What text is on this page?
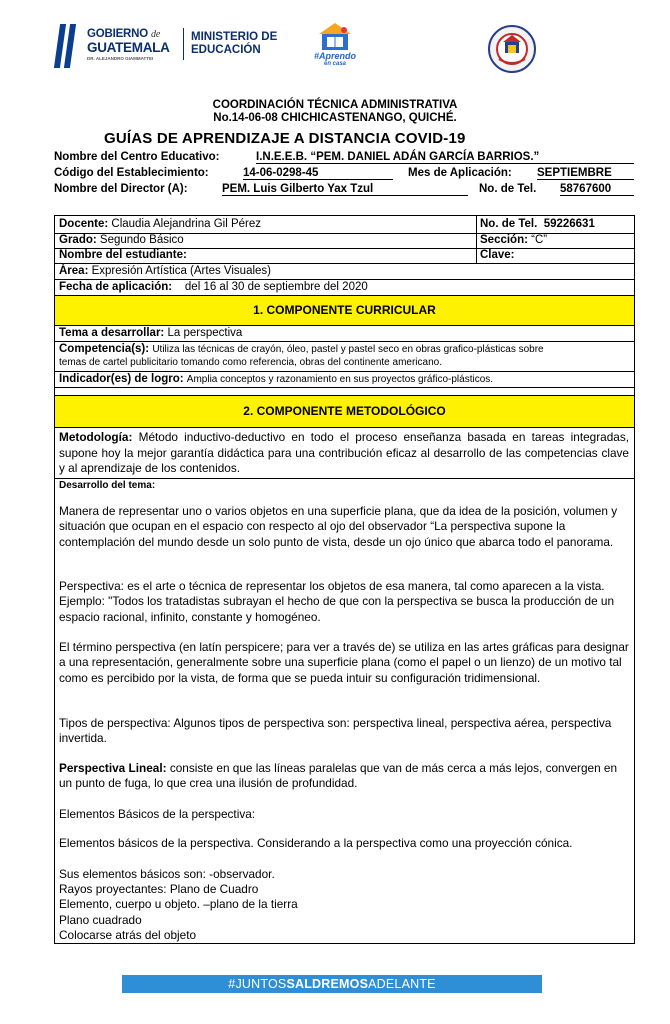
GOBIERNO de
GUATEMALA
DR. ALEJANDRO GIAMMATTEI
MINISTERIO DE
EDUCACIÓN	#Aprendo
en casa
COORDINACIÓN TÉCNICA ADMINISTRATIVA
No.14-06-08 CHICHICASTENANGO, QUICHÉ.
GUÍAS DE APRENDIZAJE A DISTANCIA COVID-19
Nombre del Centro Educativo:	I.N.E.E.B. “PEM. DANIEL ADÁN GARCÍA BARRIOS.”
Código del Establecimiento:	14-06-0298-45	Mes de Aplicación: SEPTIEMBRE
Nombre del Director (A):	PEM. Luis Gilberto Yax Tzul	No. de Tel. 58767600
Docente: Claudia Alejandrina Gil Pérez	No. de Tel. 59226631
Grado: Segundo Básico	Sección: “C”
Nombre del estudiante:	Clave:
Área: Expresión Artística (Artes Visuales)
Fecha de aplicación: del 16 al 30 de septiembre del 2020
1. COMPONENTE CURRICULAR
Tema a desarrollar: La perspectiva
Competencia(s): Utiliza las técnicas de crayón, óleo, pastel y pastel seco en obras grafico-plásticas sobre
temas de cartel publicitario tomando como referencia, obras del continente americano.
Indicador(es) de logro: Amplia conceptos y razonamiento en sus proyectos gráfico-plásticos.
2. COMPONENTE METODOLÓGICO
Metodología: Método inductivo-deductivo en todo el proceso enseñanza basada en tareas integradas, supone hoy la mejor garantía didáctica para una contribución eficaz al desarrollo de las competencias clave y al aprendizaje de los contenidos.
Desarrollo del tema:
Manera de representar uno o varios objetos en una superficie plana, que da idea de la posición, volumen y situación que ocupan en el espacio con respecto al ojo del observador “La perspectiva supone la contemplación del mundo desde un solo punto de vista, desde un ojo único que abarca todo el panorama.
Perspectiva: es el arte o técnica de representar los objetos de esa manera, tal como aparecen a la vista. Ejemplo: "Todos los tratadistas subrayan el hecho de que con la perspectiva se busca la producción de un espacio racional, infinito, constante y homogéneo.
El término perspectiva (en latín perspicere; para ver a través de) se utiliza en las artes gráficas para designar a una representación, generalmente sobre una superficie plana (como el papel o un lienzo) de un motivo tal como es percibido por la vista, de forma que se pueda intuir su configuración tridimensional.
Tipos de perspectiva: Algunos tipos de perspectiva son: perspectiva lineal, perspectiva aérea, perspectiva invertida.
Perspectiva Lineal: consiste en que las líneas paralelas que van de más cerca a más lejos, convergen en un punto de fuga, lo que crea una ilusión de profundidad.
Elementos Básicos de la perspectiva:
Elementos básicos de la perspectiva. Considerando a la perspectiva como una proyección cónica.
Sus elementos básicos son: -observador.
Rayos proyectantes: Plano de Cuadro
Elemento, cuerpo u objeto. –plano de la tierra
Plano cuadrado
Colocarse atrás del objeto
#JUNTOSSALDREMOSADELANTE
